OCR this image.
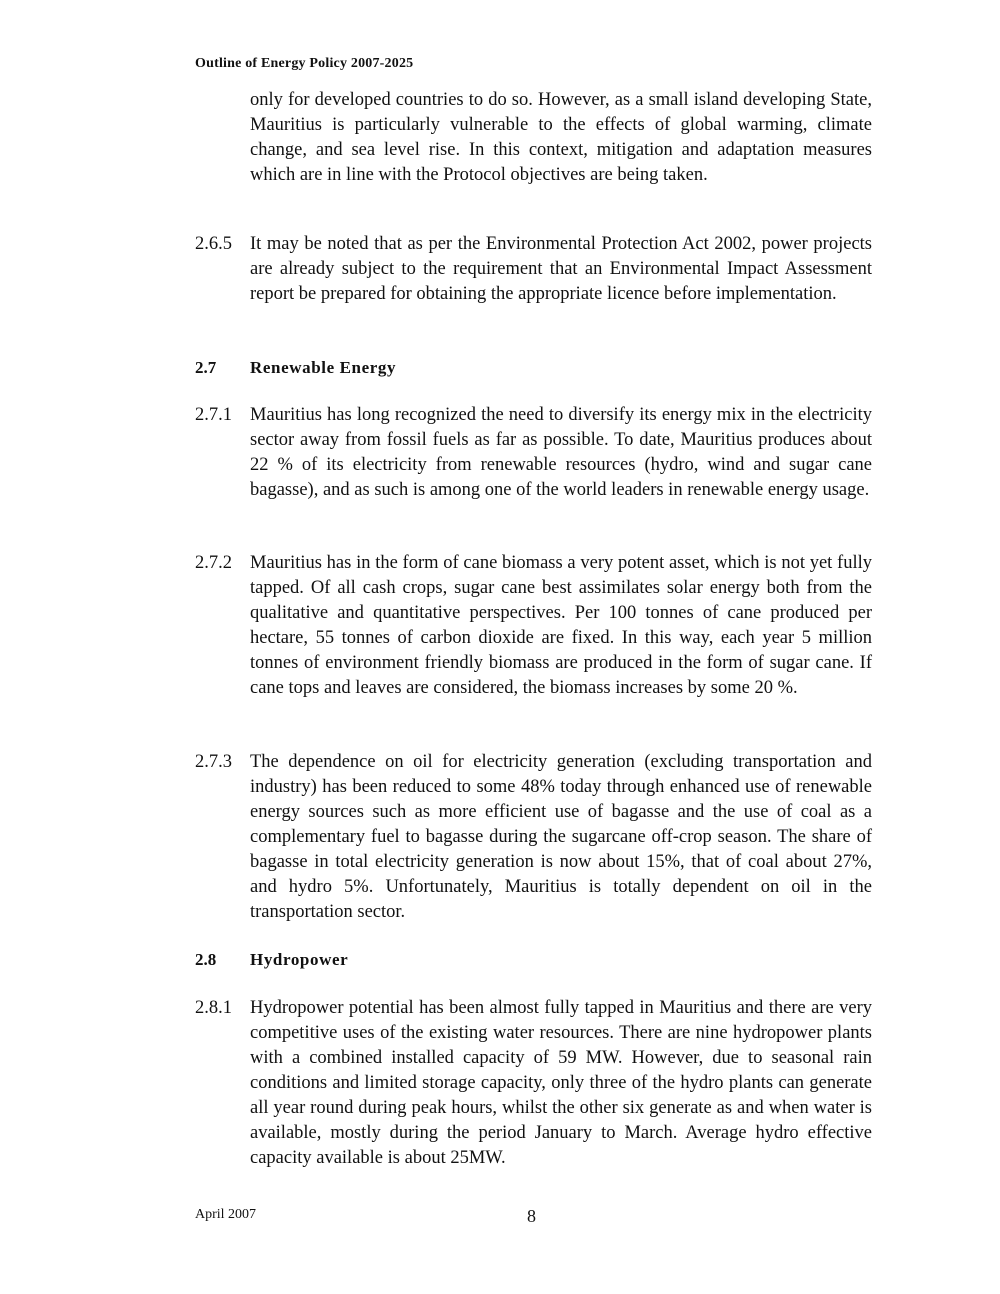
Outline of Energy Policy 2007-2025
only for developed countries to do so. However, as a small island developing State, Mauritius is particularly vulnerable to the effects of global warming, climate change, and sea level rise. In this context, mitigation and adaptation measures which are in line with the Protocol objectives are being taken.
2.6.5 It may be noted that as per the Environmental Protection Act 2002, power projects are already subject to the requirement that an Environmental Impact Assessment report be prepared for obtaining the appropriate licence before implementation.
2.7 Renewable Energy
2.7.1 Mauritius has long recognized the need to diversify its energy mix in the electricity sector away from fossil fuels as far as possible. To date, Mauritius produces about 22 % of its electricity from renewable resources (hydro, wind and sugar cane bagasse), and as such is among one of the world leaders in renewable energy usage.
2.7.2 Mauritius has in the form of cane biomass a very potent asset, which is not yet fully tapped. Of all cash crops, sugar cane best assimilates solar energy both from the qualitative and quantitative perspectives. Per 100 tonnes of cane produced per hectare, 55 tonnes of carbon dioxide are fixed. In this way, each year 5 million tonnes of environment friendly biomass are produced in the form of sugar cane. If cane tops and leaves are considered, the biomass increases by some 20 %.
2.7.3 The dependence on oil for electricity generation (excluding transportation and industry) has been reduced to some 48% today through enhanced use of renewable energy sources such as more efficient use of bagasse and the use of coal as a complementary fuel to bagasse during the sugarcane off-crop season. The share of bagasse in total electricity generation is now about 15%, that of coal about 27%, and hydro 5%. Unfortunately, Mauritius is totally dependent on oil in the transportation sector.
2.8 Hydropower
2.8.1 Hydropower potential has been almost fully tapped in Mauritius and there are very competitive uses of the existing water resources. There are nine hydropower plants with a combined installed capacity of 59 MW. However, due to seasonal rain conditions and limited storage capacity, only three of the hydro plants can generate all year round during peak hours, whilst the other six generate as and when water is available, mostly during the period January to March. Average hydro effective capacity available is about 25MW.
April 2007	8
